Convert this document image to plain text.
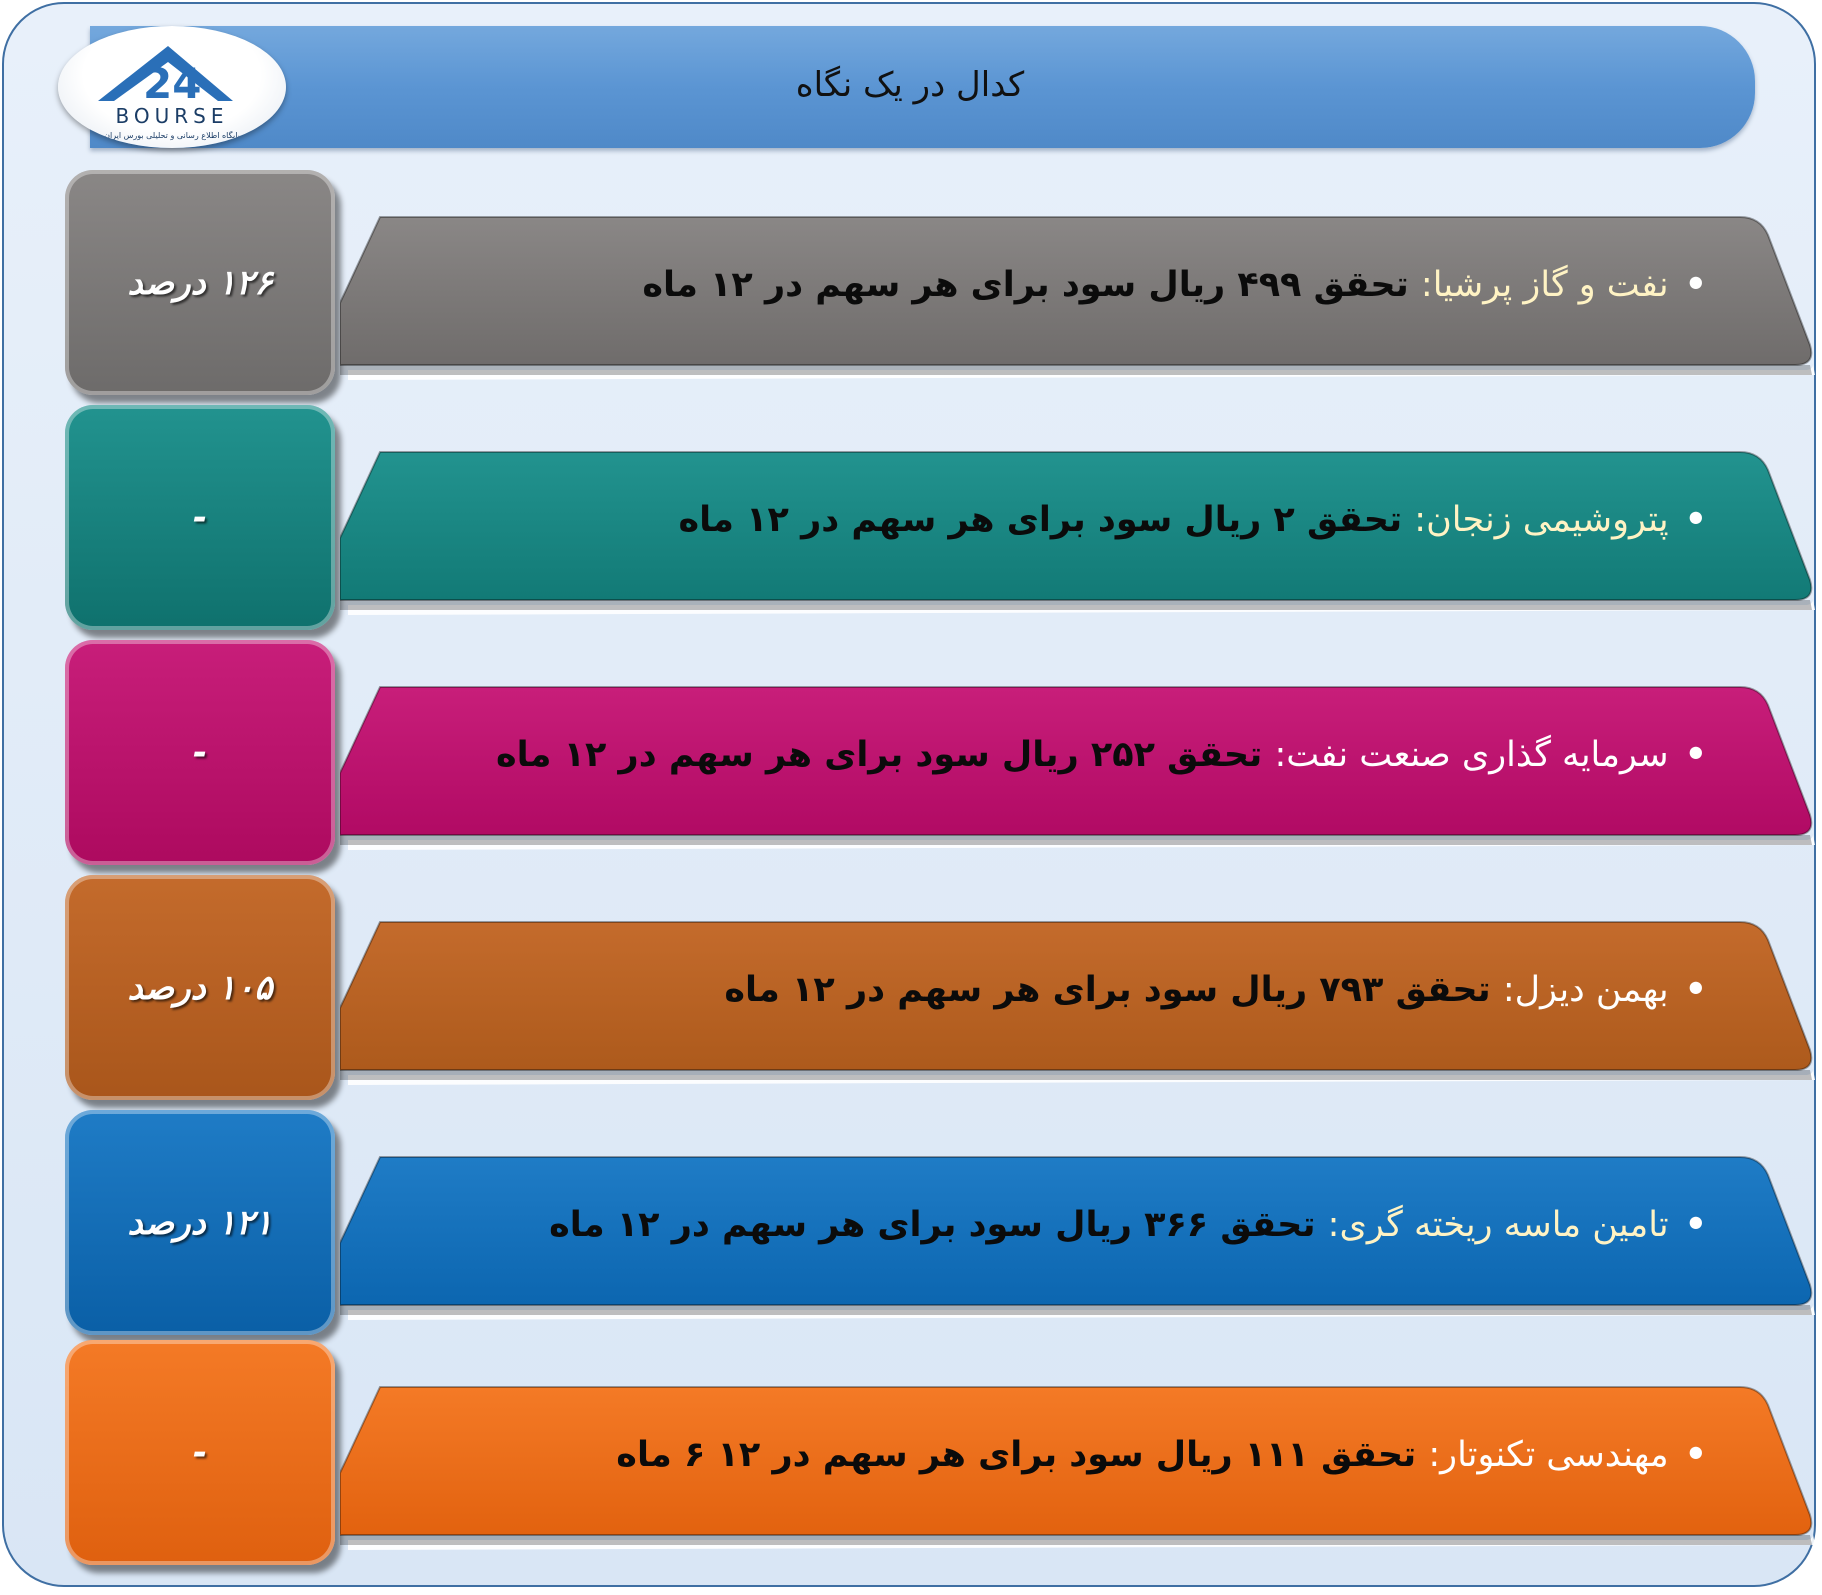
کدال در یک نگاه
24
BOURSE
پایگاه اطلاع رسانی و تحلیلی بورس ایران
۱۲۶ درصد	•نفت و گاز پرشیا: تحقق ۴۹۹ ریال سود برای هر سهم در ۱۲ ماه
-	•پتروشیمی زنجان: تحقق ۲ ریال سود برای هر سهم در ۱۲ ماه
-	•سرمایه گذاری صنعت نفت: تحقق ۲۵۲ ریال سود برای هر سهم در ۱۲ ماه
۱۰۵ درصد	•بهمن دیزل: تحقق ۷۹۳ ریال سود برای هر سهم در ۱۲ ماه
۱۲۱ درصد	•تامین ماسه ریخته گری: تحقق ۳۶۶ ریال سود برای هر سهم در ۱۲ ماه
-	•مهندسی تکنوتار: تحقق ۱۱۱ ریال سود برای هر سهم در ۱۲ ۶ ماه
